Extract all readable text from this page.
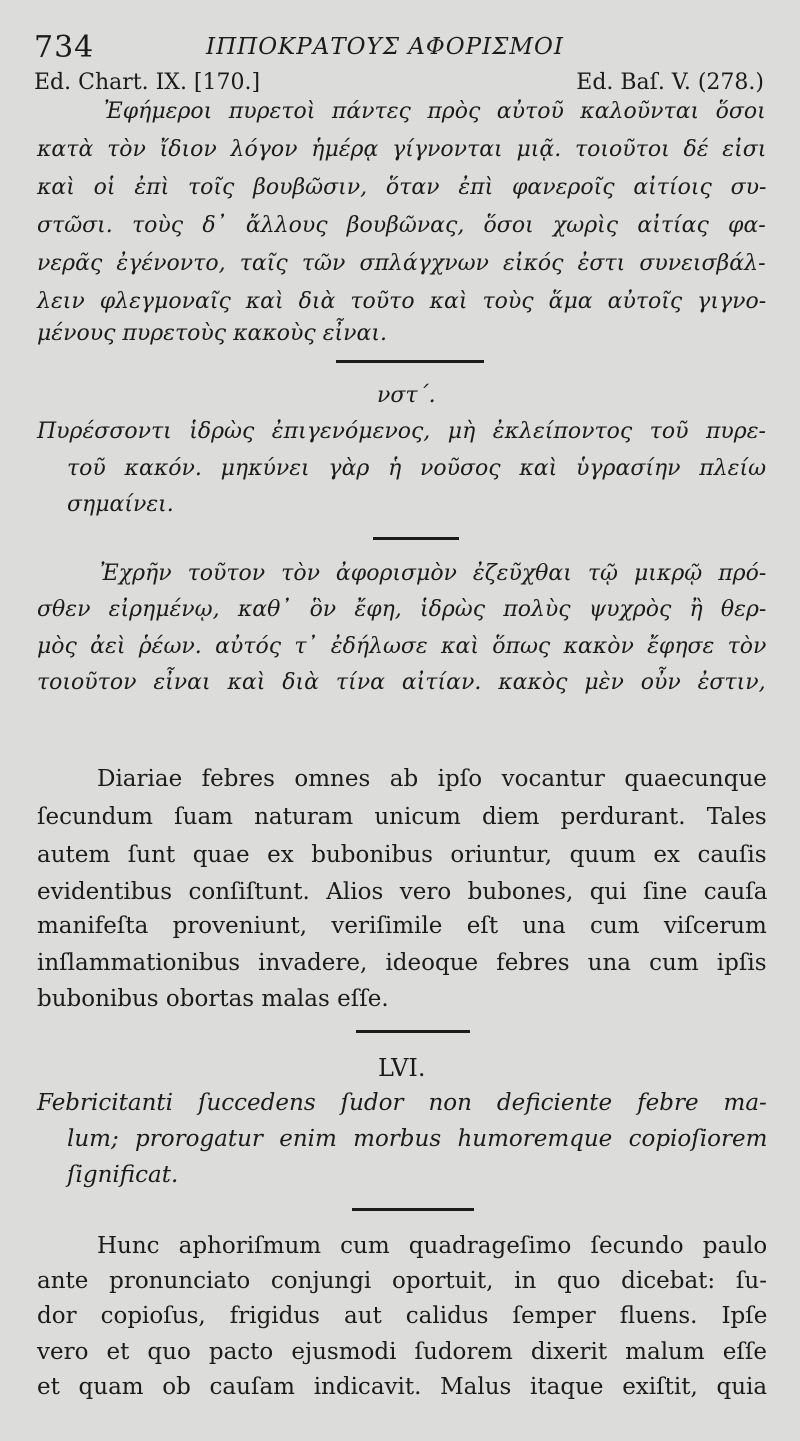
734	ΙΠΠΟΚΡΑΤΟΥΣ ΑΦΟΡΙΣΜΟΙ
Ed. Chart. IX. [170.]	Ed. Baſ. V. (278.)

Ἐφήμεροι πυρετοὶ πάντες πρὸς αὐτοῦ καλοῦνται ὅσοι

κατὰ τὸν ἴδιον λόγον ἡμέρᾳ γίγνονται μιᾷ. τοιοῦτοι δέ εἰσι

καὶ οἱ ἐπὶ τοῖς βουβῶσιν, ὅταν ἐπὶ φανεροῖς αἰτίοις συ-

στῶσι. τοὺς δ᾽ ἄλλους βουβῶνας, ὅσοι χωρὶς αἰτίας φα-

νερᾶς ἐγένοντο, ταῖς τῶν σπλάγχνων εἰκός ἐστι συνεισβάλ-

λειν φλεγμοναῖς καὶ διὰ τοῦτο καὶ τοὺς ἅμα αὐτοῖς γιγνο-

μένους πυρετοὺς κακοὺς εἶναι.

νστ΄.

Πυρέσσοντι ἱδρὼς ἐπιγενόμενος, μὴ ἐκλείποντος τοῦ πυρε-

τοῦ κακόν. μηκύνει γὰρ ἡ νοῦσος καὶ ὑγρασίην πλείω

σημαίνει.

Ἐχρῆν τοῦτον τὸν ἀφορισμὸν ἐζεῦχθαι τῷ μικρῷ πρό-

σθεν εἰρημένῳ, καθ᾽ ὃν ἔφη, ἱδρὼς πολὺς ψυχρὸς ἢ θερ-

μὸς ἀεὶ ῥέων. αὐτός τ᾽ ἐδήλωσε καὶ ὅπως κακὸν ἔφησε τὸν

τοιοῦτον εἶναι καὶ διὰ τίνα αἰτίαν. κακὸς μὲν οὖν ἐστιν,

Diariae febres omnes ab ipſo vocantur quaecunque

ſecundum ſuam naturam unicum diem perdurant. Tales

autem ſunt quae ex bubonibus oriuntur, quum ex cauſis

evidentibus conſiſtunt. Alios vero bubones, qui ſine cauſa

manifeſta proveniunt, veriſimile eſt una cum viſcerum

inſlammationibus invadere, ideoque febres una cum ipſis

bubonibus obortas malas eſſe.

LVI.

Febricitanti ſuccedens ſudor non deficiente febre ma-

lum; prorogatur enim morbus humoremque copioſiorem

ſignificat.

Hunc aphoriſmum cum quadrageſimo ſecundo paulo

ante pronunciato conjungi oportuit, in quo dicebat: ſu-

dor copioſus, frigidus aut calidus ſemper fluens. Ipſe

vero et quo pacto ejusmodi ſudorem dixerit malum eſſe

et quam ob cauſam indicavit. Malus itaque exiſtit, quia
